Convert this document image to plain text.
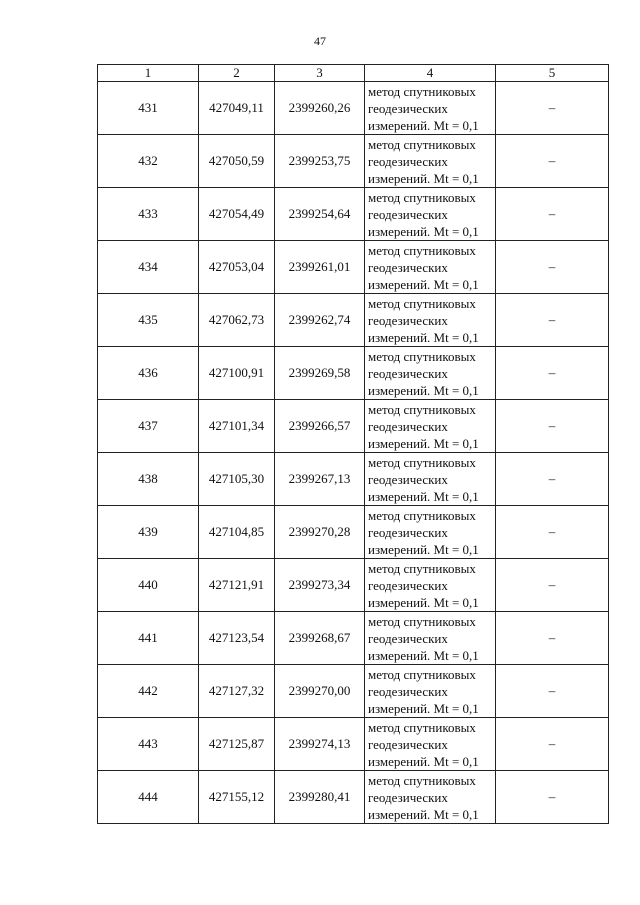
47
1	2	3	4	5
431	427049,11	2399260,26	метод спутниковых
геодезических
измерений. Mt = 0,1	–
432	427050,59	2399253,75	метод спутниковых
геодезических
измерений. Mt = 0,1	–
433	427054,49	2399254,64	метод спутниковых
геодезических
измерений. Mt = 0,1	–
434	427053,04	2399261,01	метод спутниковых
геодезических
измерений. Mt = 0,1	–
435	427062,73	2399262,74	метод спутниковых
геодезических
измерений. Mt = 0,1	–
436	427100,91	2399269,58	метод спутниковых
геодезических
измерений. Mt = 0,1	–
437	427101,34	2399266,57	метод спутниковых
геодезических
измерений. Mt = 0,1	–
438	427105,30	2399267,13	метод спутниковых
геодезических
измерений. Mt = 0,1	–
439	427104,85	2399270,28	метод спутниковых
геодезических
измерений. Mt = 0,1	–
440	427121,91	2399273,34	метод спутниковых
геодезических
измерений. Mt = 0,1	–
441	427123,54	2399268,67	метод спутниковых
геодезических
измерений. Mt = 0,1	–
442	427127,32	2399270,00	метод спутниковых
геодезических
измерений. Mt = 0,1	–
443	427125,87	2399274,13	метод спутниковых
геодезических
измерений. Mt = 0,1	–
444	427155,12	2399280,41	метод спутниковых
геодезических
измерений. Mt = 0,1	–
